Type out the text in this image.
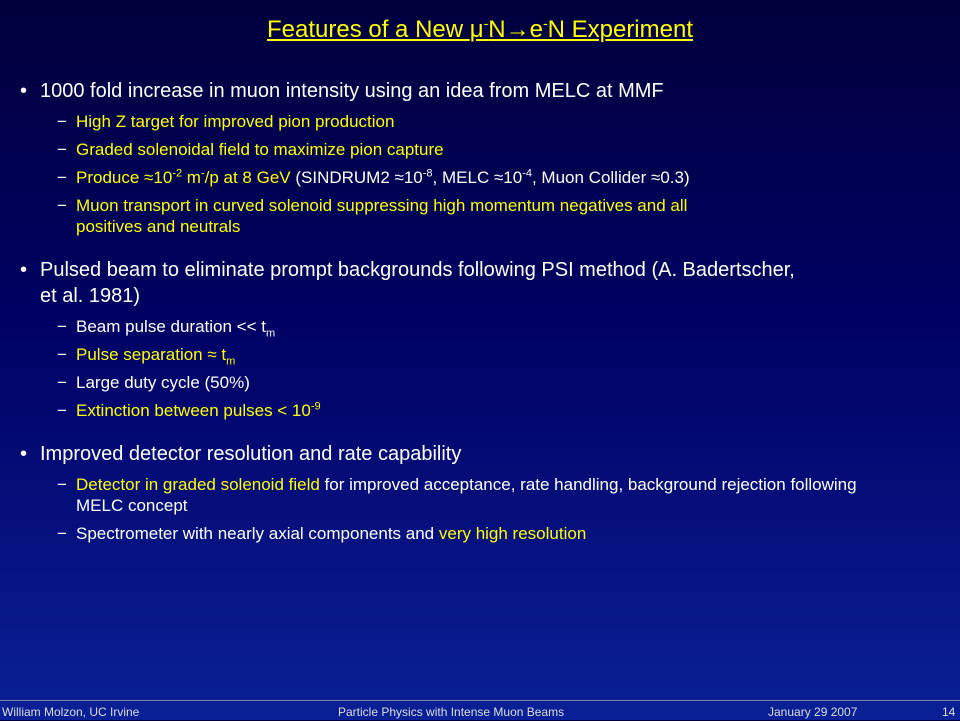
Features of a New μ-N→e-N Experiment
• 1000 fold increase in muon intensity using an idea from MELC at MMF
− High Z target for improved pion production
− Graded solenoidal field to maximize pion capture
− Produce $\approx 10^{-2}$ m-/p at 8 GeV (SINDRUM2 $\approx 10^{-8}$, MELC $\approx 10^{-4}$, Muon Collider ≈0.3)
− Muon transport in curved solenoid suppressing high momentum negatives and all positives and neutrals
• Pulsed beam to eliminate prompt backgrounds following PSI method (A. Badertscher, et al. 1981)
− Beam pulse duration << $t_m$
− Pulse separation ≈ $t_m$
− Large duty cycle (50%)
− Extinction between pulses < $10^{-9}$
• Improved detector resolution and rate capability
− Detector in graded solenoid field for improved acceptance, rate handling, background rejection following MELC concept
− Spectrometer with nearly axial components and very high resolution
William Molzon, UC Irvine	Particle Physics with Intense Muon Beams	January 29 2007	14
